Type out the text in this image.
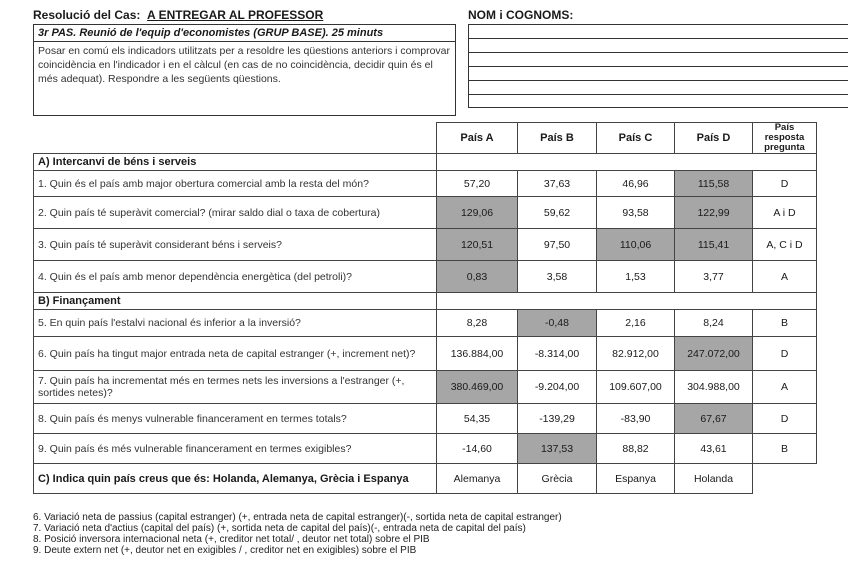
Resolució del Cas: A ENTREGAR AL PROFESSOR	NOM i COGNOMS:
3r PAS. Reunió de l'equip d'economistes (GRUP BASE). 25 minuts
Posar en comú els indicadors utilitzats per a resoldre les qüestions anteriors i comprovar coincidència en l'indicador i en el càlcul (en cas de no coincidència, decidir quin és el més adequat). Respondre a les següents qüestions.
	País A	País B	País C	País D	País resposta pregunta
A) Intercanvi de béns i serveis					
1. Quin és el país amb major obertura comercial amb la resta del món?	57,20	37,63	46,96	115,58	D
2. Quin país té superàvit comercial? (mirar saldo dial o taxa de cobertura)	129,06	59,62	93,58	122,99	A i D
3. Quin país té superàvit considerant béns i serveis?	120,51	97,50	110,06	115,41	A, C i D
4. Quin és el país amb menor dependència energètica (del petroli)?	0,83	3,58	1,53	3,77	A
B) Finançament					
5. En quin país l'estalvi nacional és inferior a la inversió?	8,28	-0,48	2,16	8,24	B
6. Quin país ha tingut major entrada neta de capital estranger (+, increment net)?	136.884,00	-8.314,00	82.912,00	247.072,00	D
7. Quin país ha incrementat més en termes nets les inversions a l'estranger (+, sortides netes)?	380.469,00	-9.204,00	109.607,00	304.988,00	A
8. Quin país és menys vulnerable financerament en termes totals?	54,35	-139,29	-83,90	67,67	D
9. Quin país és més vulnerable financerament en termes exigibles?	-14,60	137,53	88,82	43,61	B
C) Indica quin país creus que és: Holanda, Alemanya, Grècia i Espanya	Alemanya	Grècia	Espanya	Holanda	
6. Variació neta de passius (capital estranger) (+, entrada neta de capital estranger)(-, sortida neta de capital estranger)
7. Variació neta d'actius (capital del país) (+, sortida neta de capital del país)(-, entrada neta de capital del país)
8. Posició inversora internacional neta (+, creditor net total/ , deutor net total) sobre el PIB
9. Deute extern net (+, deutor net en exigibles / , creditor net en exigibles) sobre el PIB
